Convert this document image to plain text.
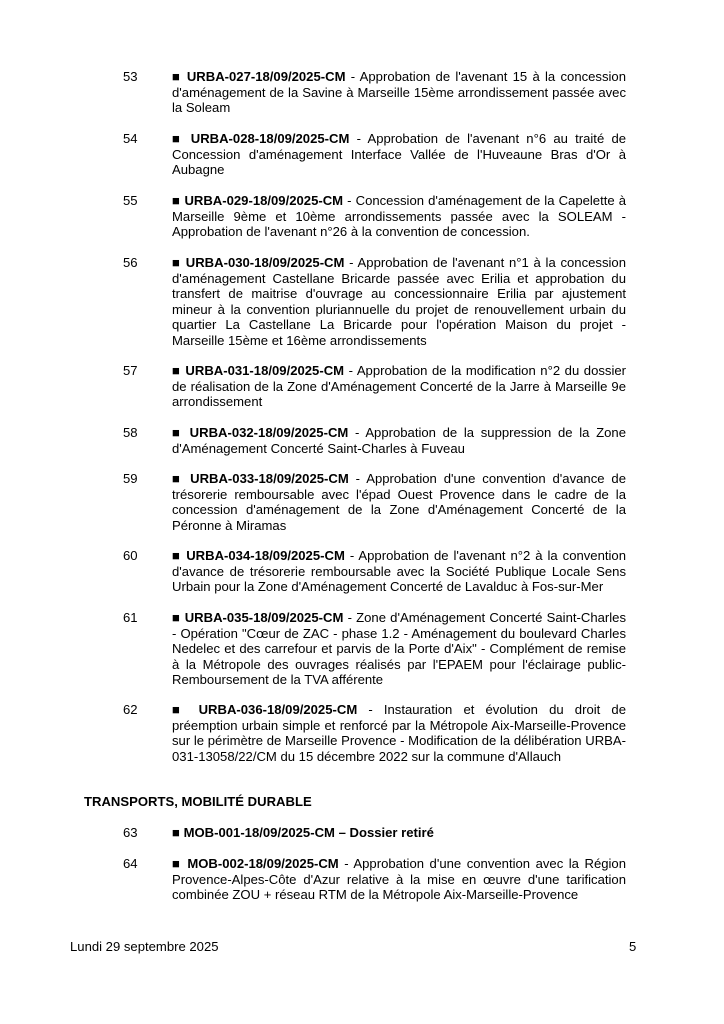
53	■ URBA-027-18/09/2025-CM - Approbation de l'avenant 15 à la concession d'aménagement de la Savine à Marseille 15ème arrondissement passée avec la Soleam
54	■ URBA-028-18/09/2025-CM - Approbation de l'avenant n°6 au traité de Concession d'aménagement Interface Vallée de l'Huveaune Bras d'Or à Aubagne
55	■ URBA-029-18/09/2025-CM - Concession d'aménagement de la Capelette à Marseille 9ème et 10ème arrondissements passée avec la SOLEAM - Approbation de l'avenant n°26 à la convention de concession.
56	■ URBA-030-18/09/2025-CM - Approbation de l'avenant n°1 à la concession d'aménagement Castellane Bricarde passée avec Erilia et approbation du transfert de maitrise d'ouvrage au concessionnaire Erilia par ajustement mineur à la convention pluriannuelle du projet de renouvellement urbain du quartier La Castellane La Bricarde pour l'opération Maison du projet - Marseille 15ème et 16ème arrondissements
57	■ URBA-031-18/09/2025-CM - Approbation de la modification n°2 du dossier de réalisation de la Zone d'Aménagement Concerté de la Jarre à Marseille 9e arrondissement
58	■ URBA-032-18/09/2025-CM - Approbation de la suppression de la Zone d'Aménagement Concerté Saint-Charles à Fuveau
59	■ URBA-033-18/09/2025-CM - Approbation d'une convention d'avance de trésorerie remboursable avec l'épad Ouest Provence dans le cadre de la concession d'aménagement de la Zone d'Aménagement Concerté de la Péronne à Miramas
60	■ URBA-034-18/09/2025-CM - Approbation de l'avenant n°2 à la convention d'avance de trésorerie remboursable avec la Société Publique Locale Sens Urbain pour la Zone d'Aménagement Concerté de Lavalduc à Fos-sur-Mer
61	■ URBA-035-18/09/2025-CM - Zone d'Aménagement Concerté Saint-Charles - Opération "Cœur de ZAC - phase 1.2 - Aménagement du boulevard Charles Nedelec et des carrefour et parvis de la Porte d'Aix" - Complément de remise à la Métropole des ouvrages réalisés par l'EPAEM pour l'éclairage public- Remboursement de la TVA afférente
62	■ URBA-036-18/09/2025-CM - Instauration et évolution du droit de préemption urbain simple et renforcé par la Métropole Aix-Marseille-Provence sur le périmètre de Marseille Provence - Modification de la délibération URBA-031-13058/22/CM du 15 décembre 2022 sur la commune d'Allauch
TRANSPORTS, MOBILITÉ DURABLE
63	■ MOB-001-18/09/2025-CM – Dossier retiré
64	■ MOB-002-18/09/2025-CM - Approbation d'une convention avec la Région Provence-Alpes-Côte d'Azur relative à la mise en œuvre d'une tarification combinée ZOU + réseau RTM de la Métropole Aix-Marseille-Provence
Lundi 29 septembre 2025	5
